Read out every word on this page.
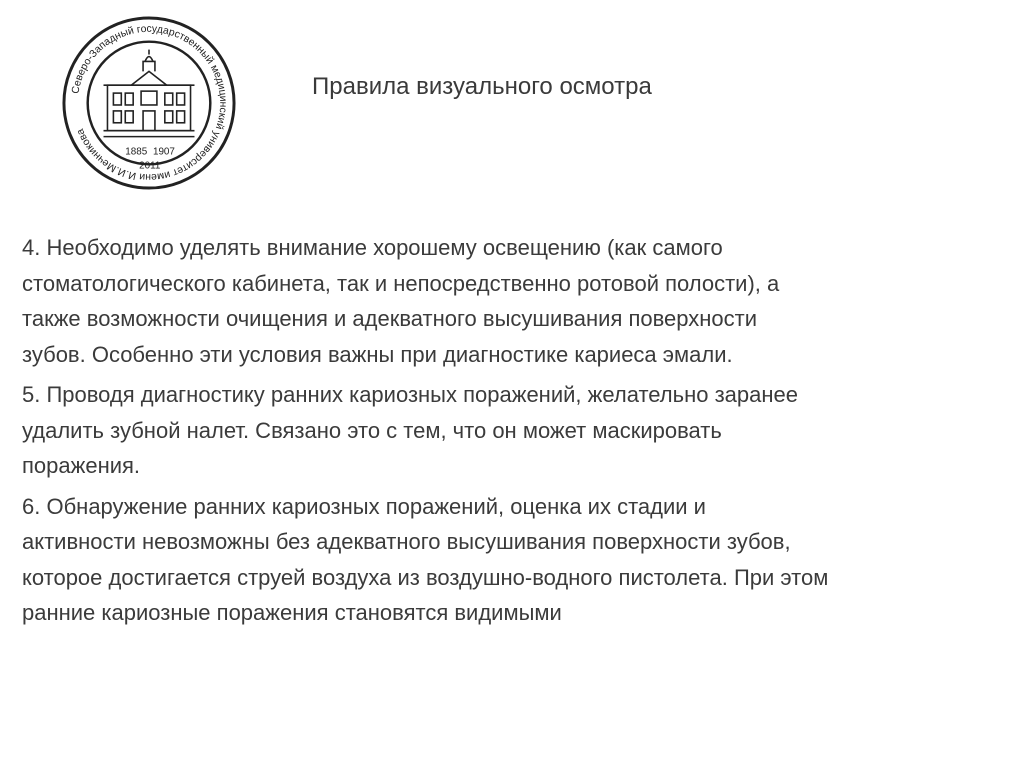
Северо-Западный государственный медицинский университет имени И.И.Мечникова
1885 1907
2011
Правила визуального осмотра

4. Необходимо уделять внимание хорошему освещению (как самого
стоматологического кабинета, так и непосредственно ротовой полости), а
также возможности очищения и адекватного высушивания поверхности
зубов. Особенно эти условия важны при диагностике кариеса эмали.

5. Проводя диагностику ранних кариозных поражений, желательно заранее
удалить зубной налет. Связано это с тем, что он может маскировать
поражения.

6. Обнаружение ранних кариозных поражений, оценка их стадии и
активности невозможны без адекватного высушивания поверхности зубов,
которое достигается струей воздуха из воздушно-водного пистолета. При этом
ранние кариозные поражения становятся видимыми
